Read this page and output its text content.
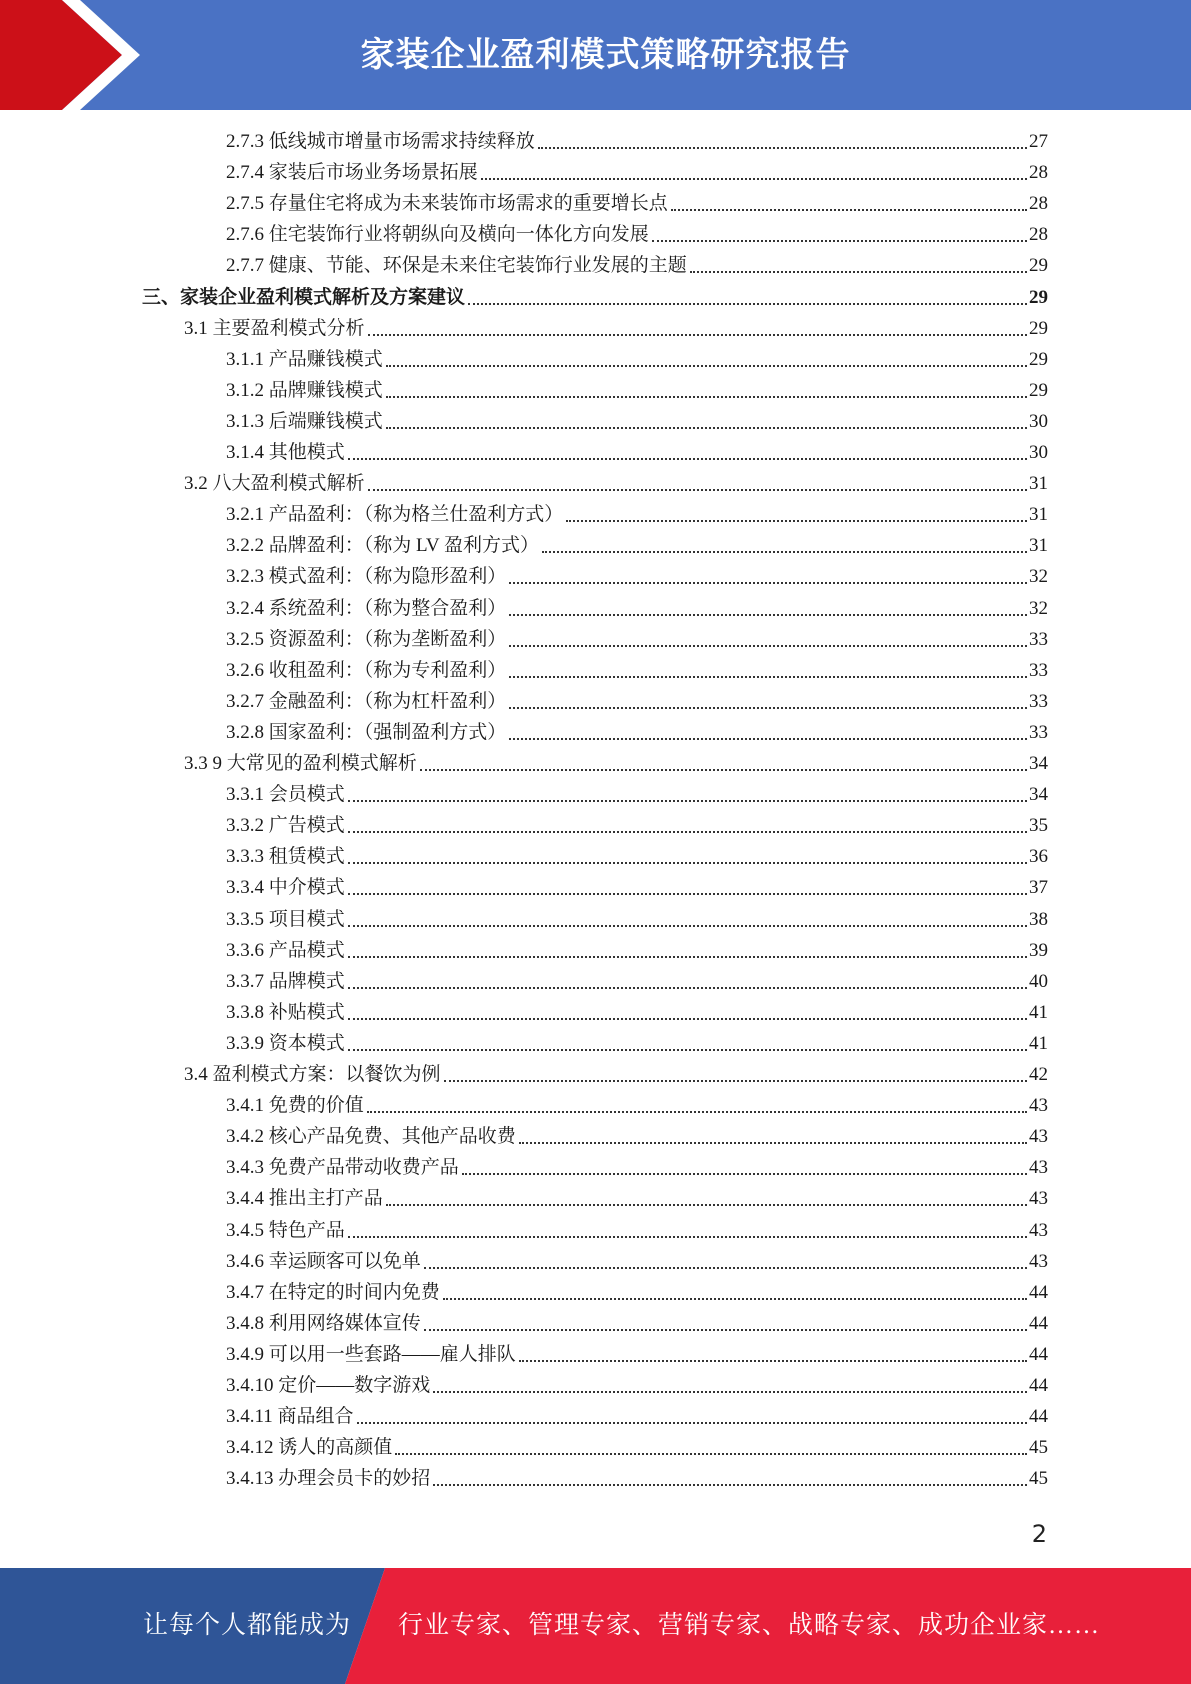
家装企业盈利模式策略研究报告
2.7.3 低线城市增量市场需求持续释放	27
2.7.4 家装后市场业务场景拓展	28
2.7.5 存量住宅将成为未来装饰市场需求的重要增长点	28
2.7.6 住宅装饰行业将朝纵向及横向一体化方向发展	28
2.7.7 健康、节能、环保是未来住宅装饰行业发展的主题	29
三、家装企业盈利模式解析及方案建议	29
3.1 主要盈利模式分析	29
3.1.1 产品赚钱模式	29
3.1.2 品牌赚钱模式	29
3.1.3 后端赚钱模式	30
3.1.4 其他模式	30
3.2 八大盈利模式解析	31
3.2.1 产品盈利：（称为格兰仕盈利方式）	31
3.2.2 品牌盈利：（称为 LV 盈利方式）	31
3.2.3 模式盈利：（称为隐形盈利）	32
3.2.4 系统盈利：（称为整合盈利）	32
3.2.5 资源盈利：（称为垄断盈利）	33
3.2.6 收租盈利：（称为专利盈利）	33
3.2.7 金融盈利：（称为杠杆盈利）	33
3.2.8 国家盈利：（强制盈利方式）	33
3.3 9 大常见的盈利模式解析	34
3.3.1 会员模式	34
3.3.2 广告模式	35
3.3.3 租赁模式	36
3.3.4 中介模式	37
3.3.5 项目模式	38
3.3.6 产品模式	39
3.3.7 品牌模式	40
3.3.8 补贴模式	41
3.3.9 资本模式	41
3.4 盈利模式方案：以餐饮为例	42
3.4.1 免费的价值	43
3.4.2 核心产品免费、其他产品收费	43
3.4.3 免费产品带动收费产品	43
3.4.4 推出主打产品	43
3.4.5 特色产品	43
3.4.6 幸运顾客可以免单	43
3.4.7 在特定的时间内免费	44
3.4.8 利用网络媒体宣传	44
3.4.9 可以用一些套路——雇人排队	44
3.4.10 定价——数字游戏	44
3.4.11 商品组合	44
3.4.12 诱人的高颜值	45
3.4.13 办理会员卡的妙招	45
2
让每个人都能成为 行业专家、管理专家、营销专家、战略专家、成功企业家……
